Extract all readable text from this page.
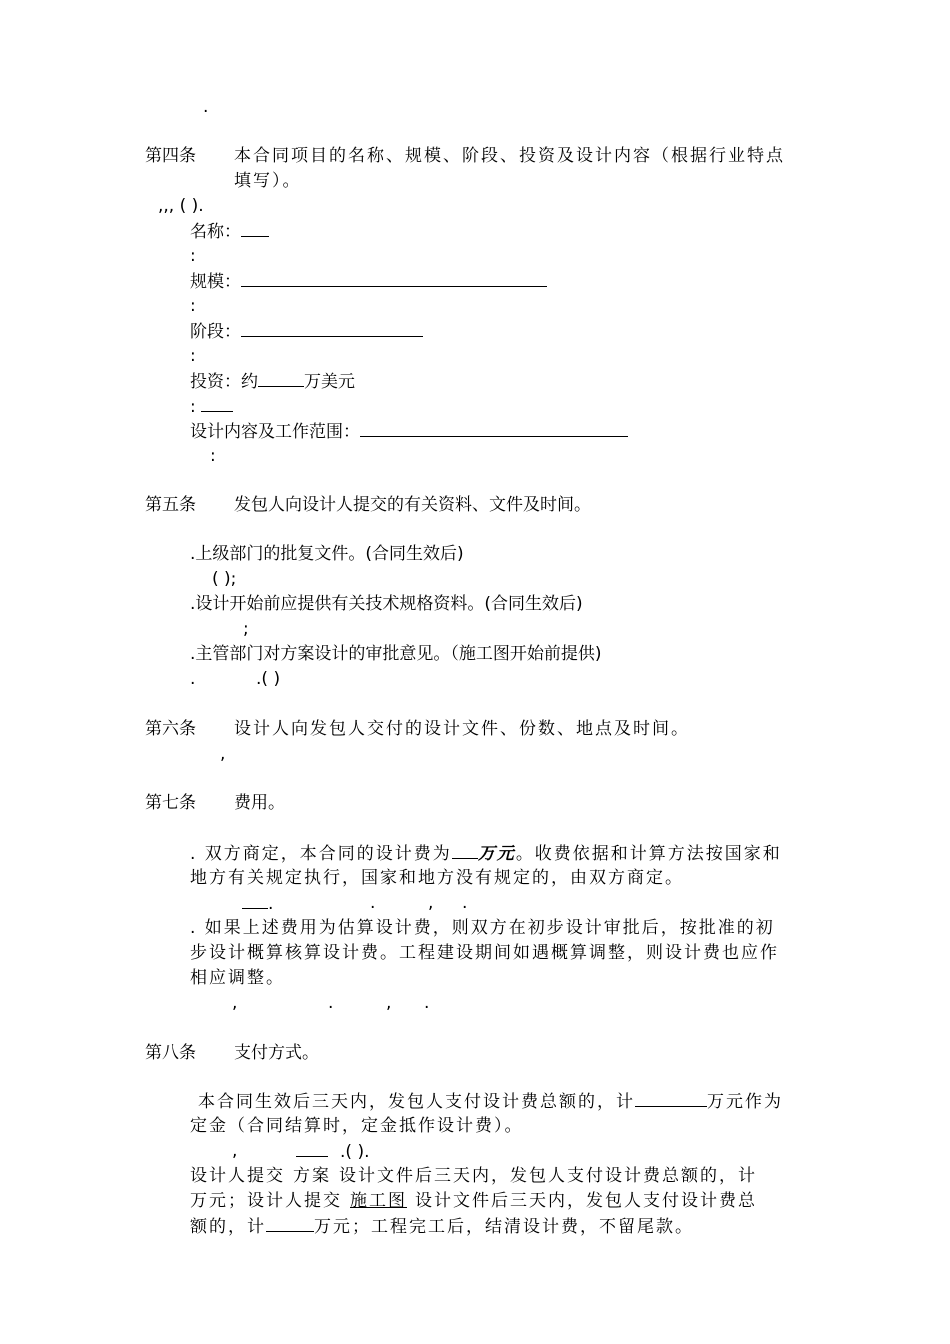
.
第四条 本合同项目的名称、规模、阶段、投资及设计内容（根据行业特点
填写）。
,,, ( ).
名称：
:
规模：
:
阶段：
:
投资：约	万美元
:
设计内容及工作范围：
:
第五条 发包人向设计人提交的有关资料、文件及时间。
.上级部门的批复文件。(合同生效后)
( );
.设计开始前应提供有关技术规格资料。(合同生效后)
;
.主管部门对方案设计的审批意见。（施工图开始前提供)
.	.( )
第六条 设计人向发包人交付的设计文件、份数、地点及时间。
,
第七条 费用。
. 双方商定，本合同的设计费为 万元。收费依据和计算方法按国家和
地方有关规定执行，国家和地方没有规定的，由双方商定。
.	.	, .
. 如果上述费用为估算设计费，则双方在初步设计审批后，按批准的初
步设计概算核算设计费。工程建设期间如遇概算调整，则设计费也应作
相应调整。
,	.	, .
第八条 支付方式。
本合同生效后三天内，发包人支付设计费总额的，计	万元作为
定金（合同结算时，定金抵作设计费）。
,	.( ).
设计人提交 方案 设计文件后三天内，发包人支付设计费总额的，计
万元；设计人提交 施工图 设计文件后三天内，发包人支付设计费总
额的，计	万元；工程完工后，结清设计费，不留尾款。
